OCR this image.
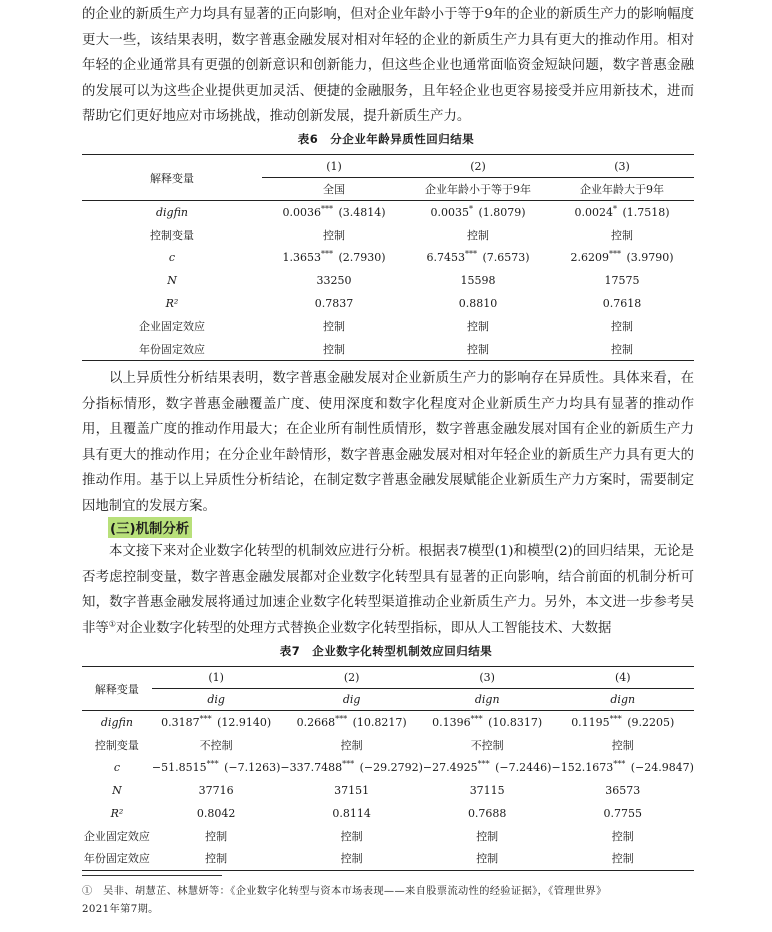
的企业的新质生产力均具有显著的正向影响，但对企业年龄小于等于9年的企业的新质生产力的影响幅度更大一些，该结果表明，数字普惠金融发展对相对年轻的企业的新质生产力具有更大的推动作用。相对年轻的企业通常具有更强的创新意识和创新能力，但这些企业也通常面临资金短缺问题，数字普惠金融的发展可以为这些企业提供更加灵活、便捷的金融服务，且年轻企业也更容易接受并应用新技术，进而帮助它们更好地应对市场挑战，推动创新发展，提升新质生产力。

表6　分企业年龄异质性回归结果
解释变量	(1)	(2)	(3)
	全国	企业年龄小于等于9年	企业年龄大于9年
digfin	0.0036***  (3.4814)	0.0035*  (1.8079)	0.0024*  (1.7518)
控制变量	控制	控制	控制
c	1.3653***  (2.7930)	6.7453***  (7.6573)	2.6209***  (3.9790)
N	33250	15598	17575
R²	0.7837	0.8810	0.7618
企业固定效应	控制	控制	控制
年份固定效应	控制	控制	控制

以上异质性分析结果表明，数字普惠金融发展对企业新质生产力的影响存在异质性。具体来看，在分指标情形，数字普惠金融覆盖广度、使用深度和数字化程度对企业新质生产力均具有显著的推动作用，且覆盖广度的推动作用最大；在企业所有制性质情形，数字普惠金融发展对国有企业的新质生产力具有更大的推动作用；在分企业年龄情形，数字普惠金融发展对相对年轻企业的新质生产力具有更大的推动作用。基于以上异质性分析结论，在制定数字普惠金融发展赋能企业新质生产力方案时，需要制定因地制宜的发展方案。

(三)机制分析

本文接下来对企业数字化转型的机制效应进行分析。根据表7模型(1)和模型(2)的回归结果，无论是否考虑控制变量，数字普惠金融发展都对企业数字化转型具有显著的正向影响，结合前面的机制分析可知，数字普惠金融发展将通过加速企业数字化转型渠道推动企业新质生产力。另外，本文进一步参考吴非等①对企业数字化转型的处理方式替换企业数字化转型指标，即从人工智能技术、大数据

表7　企业数字化转型机制效应回归结果
解释变量	(1)	(2)	(3)	(4)
	dig	dig	dign	dign
digfin	0.3187***  (12.9140)	0.2668***  (10.8217)	0.1396***  (10.8317)	0.1195***  (9.2205)
控制变量	不控制	控制	不控制	控制
c	−51.8515***  (−7.1263)	−337.7488***  (−29.2792)	−27.4925***  (−7.2446)	−152.1673***  (−24.9847)
N	37716	37151	37115	36573
R²	0.8042	0.8114	0.7688	0.7755
企业固定效应	控制	控制	控制	控制
年份固定效应	控制	控制	控制	控制
①　吴非、胡慧芷、林慧妍等：《企业数字化转型与资本市场表现——来自股票流动性的经验证据》，《管理世界》
2021年第7期。
